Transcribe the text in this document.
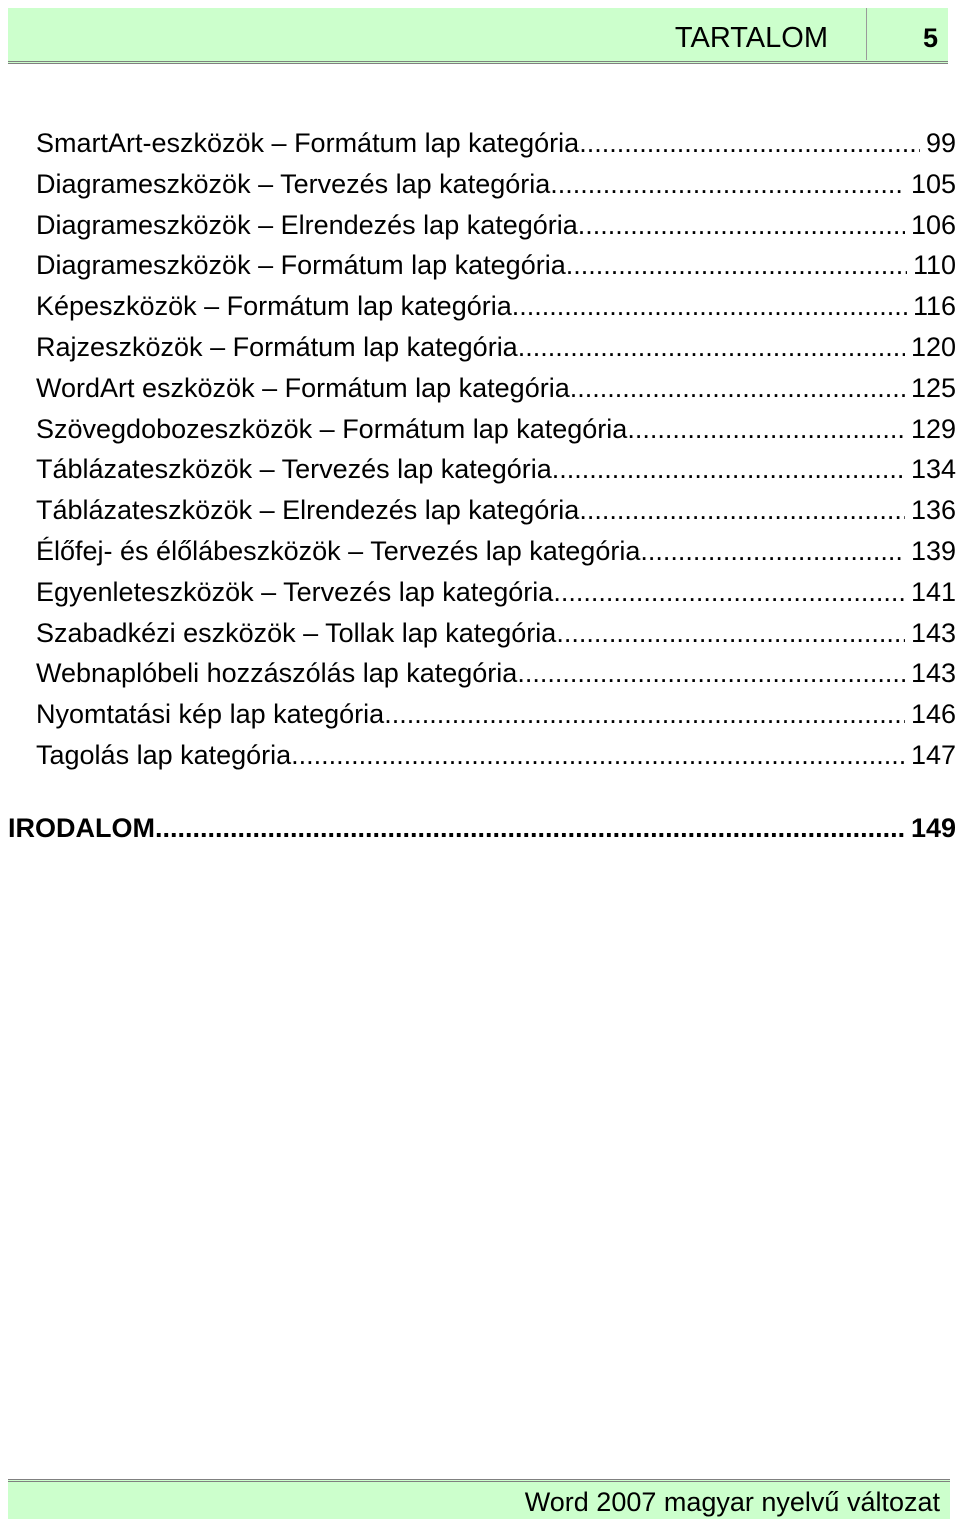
TARTALOM	5
SmartArt-eszközök – Formátum lap kategória .....	99
Diagrameszközök – Tervezés lap kategória .....	105
Diagrameszközök – Elrendezés lap kategória .....	106
Diagrameszközök – Formátum lap kategória .....	110
Képeszközök – Formátum lap kategória .....	116
Rajzeszközök – Formátum lap kategória .....	120
WordArt eszközök – Formátum lap kategória .....	125
Szövegdobozeszközök – Formátum lap kategória .....	129
Táblázateszközök – Tervezés lap kategória .....	134
Táblázateszközök – Elrendezés lap kategória .....	136
Élőfej- és élőlábeszközök – Tervezés lap kategória .....	139
Egyenleteszközök – Tervezés lap kategória .....	141
Szabadkézi eszközök – Tollak lap kategória .....	143
Webnaplóbeli hozzászólás lap kategória .....	143
Nyomtatási kép lap kategória .....	146
Tagolás lap kategória .....	147
IRODALOM .....	149
Word 2007 magyar nyelvű változat
